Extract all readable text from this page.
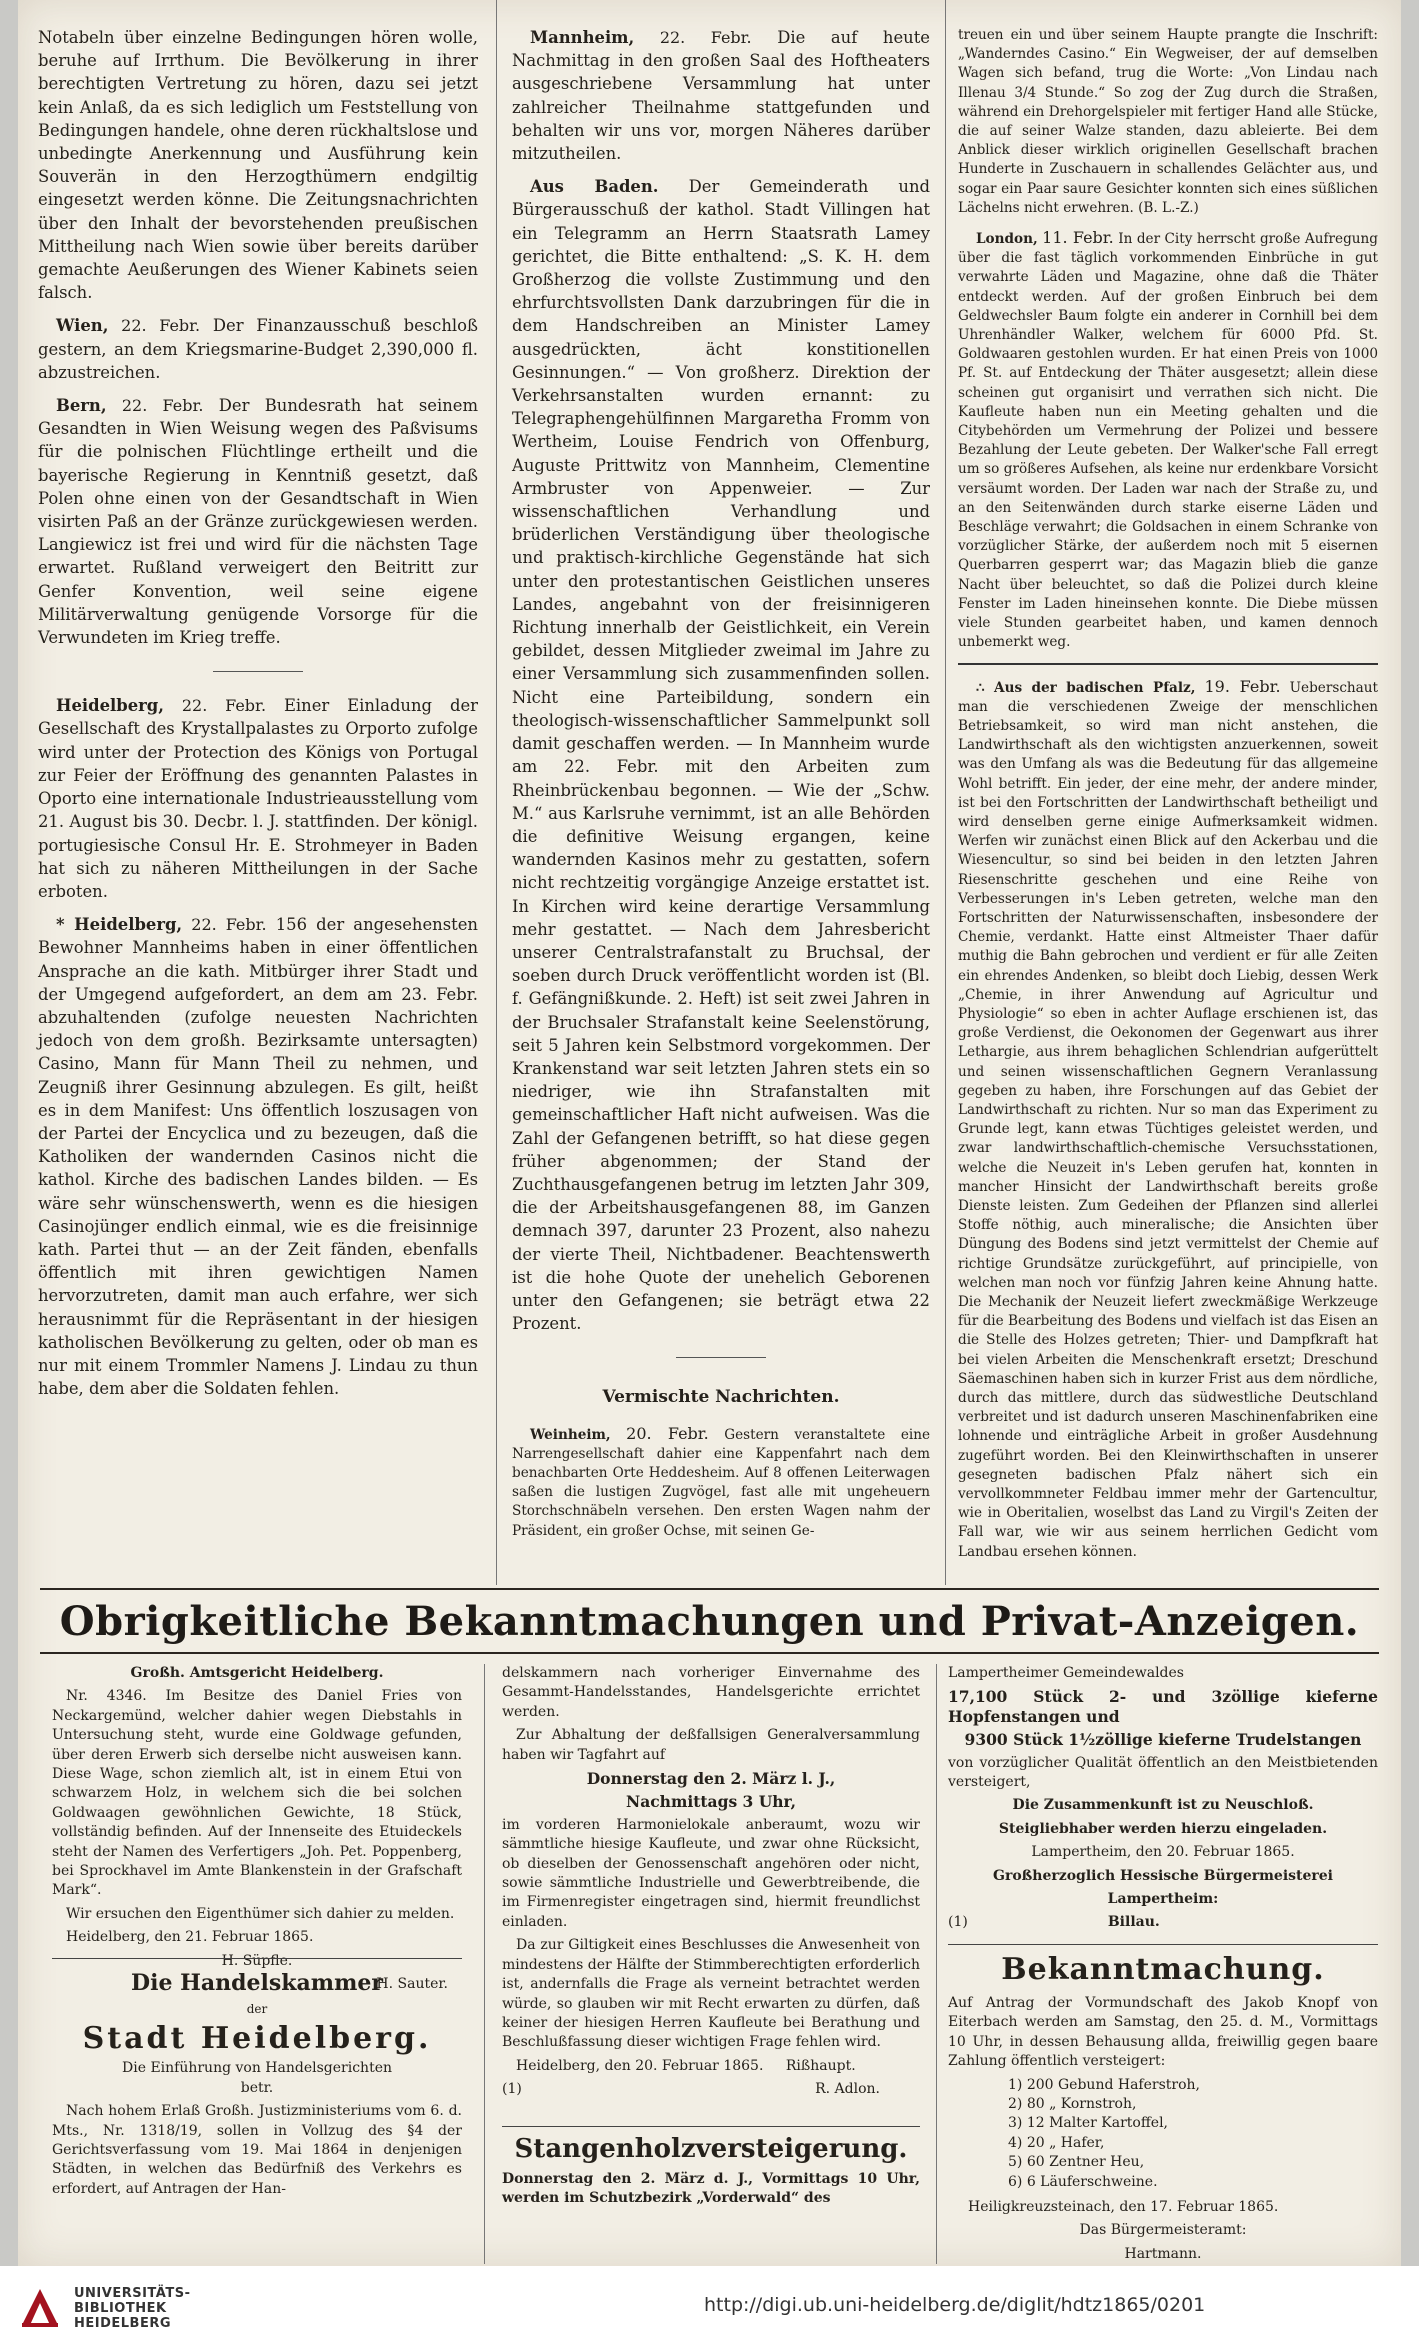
Notabeln über einzelne Bedingungen hören wolle, beruhe auf Irrthum. Die Bevölkerung in ihrer berechtigten Vertretung zu hören, dazu sei jetzt kein Anlaß, da es sich lediglich um Feststellung von Bedingungen handele, ohne deren rückhaltslose und unbedingte Anerkennung und Ausführung kein Souverän in den Herzogthümern endgiltig eingesetzt werden könne. Die Zeitungsnachrichten über den Inhalt der bevorstehenden preußischen Mittheilung nach Wien sowie über bereits darüber gemachte Aeußerungen des Wiener Kabinets seien falsch.

Wien, 22. Febr. Der Finanzausschuß beschloß gestern, an dem Kriegsmarine-Budget 2,390,000 fl. abzustreichen.

Bern, 22. Febr. Der Bundesrath hat seinem Gesandten in Wien Weisung wegen des Paßvisums für die polnischen Flüchtlinge ertheilt und die bayerische Regierung in Kenntniß gesetzt, daß Polen ohne einen von der Gesandtschaft in Wien visirten Paß an der Gränze zurückgewiesen werden. Langiewicz ist frei und wird für die nächsten Tage erwartet. Rußland verweigert den Beitritt zur Genfer Konvention, weil seine eigene Militärverwaltung genügende Vorsorge für die Verwundeten im Krieg treffe.

Heidelberg, 22. Febr. Einer Einladung der Gesellschaft des Krystallpalastes zu Orporto zufolge wird unter der Protection des Königs von Portugal zur Feier der Eröffnung des genannten Palastes in Oporto eine internationale Industrieausstellung vom 21. August bis 30. Decbr. l. J. stattfinden. Der königl. portugiesische Consul Hr. E. Strohmeyer in Baden hat sich zu näheren Mittheilungen in der Sache erboten.

* Heidelberg, 22. Febr. 156 der angesehensten Bewohner Mannheims haben in einer öffentlichen Ansprache an die kath. Mitbürger ihrer Stadt und der Umgegend aufgefordert, an dem am 23. Febr. abzuhaltenden (zufolge neuesten Nachrichten jedoch von dem großh. Bezirksamte untersagten) Casino, Mann für Mann Theil zu nehmen, und Zeugniß ihrer Gesinnung abzulegen. Es gilt, heißt es in dem Manifest: Uns öffentlich loszusagen von der Partei der Encyclica und zu bezeugen, daß die Katholiken der wandernden Casinos nicht die kathol. Kirche des badischen Landes bilden. — Es wäre sehr wünschenswerth, wenn es die hiesigen Casinojünger endlich einmal, wie es die freisinnige kath. Partei thut — an der Zeit fänden, ebenfalls öffentlich mit ihren gewichtigen Namen hervorzutreten, damit man auch erfahre, wer sich herausnimmt für die Repräsentant in der hiesigen katholischen Bevölkerung zu gelten, oder ob man es nur mit einem Trommler Namens J. Lindau zu thun habe, dem aber die Soldaten fehlen.

Mannheim, 22. Febr. Die auf heute Nachmittag in den großen Saal des Hoftheaters ausgeschriebene Versammlung hat unter zahlreicher Theilnahme stattgefunden und behalten wir uns vor, morgen Näheres darüber mitzutheilen.

Aus Baden. Der Gemeinderath und Bürgerausschuß der kathol. Stadt Villingen hat ein Telegramm an Herrn Staatsrath Lamey gerichtet, die Bitte enthaltend: „S. K. H. dem Großherzog die vollste Zustimmung und den ehrfurchtsvollsten Dank darzubringen für die in dem Handschreiben an Minister Lamey ausgedrückten, ächt konstitionellen Gesinnungen.“ — Von großherz. Direktion der Verkehrsanstalten wurden ernannt: zu Telegraphengehülfinnen Margaretha Fromm von Wertheim, Louise Fendrich von Offenburg, Auguste Prittwitz von Mannheim, Clementine Armbruster von Appenweier. — Zur wissenschaftlichen Verhandlung und brüderlichen Verständigung über theologische und praktisch-kirchliche Gegenstände hat sich unter den protestantischen Geistlichen unseres Landes, angebahnt von der freisinnigeren Richtung innerhalb der Geistlichkeit, ein Verein gebildet, dessen Mitglieder zweimal im Jahre zu einer Versammlung sich zusammenfinden sollen. Nicht eine Parteibildung, sondern ein theologisch-wissenschaftlicher Sammelpunkt soll damit geschaffen werden. — In Mannheim wurde am 22. Febr. mit den Arbeiten zum Rheinbrückenbau begonnen. — Wie der „Schw. M.“ aus Karlsruhe vernimmt, ist an alle Behörden die definitive Weisung ergangen, keine wandernden Kasinos mehr zu gestatten, sofern nicht rechtzeitig vorgängige Anzeige erstattet ist. In Kirchen wird keine derartige Versammlung mehr gestattet. — Nach dem Jahresbericht unserer Centralstrafanstalt zu Bruchsal, der soeben durch Druck veröffentlicht worden ist (Bl. f. Gefängnißkunde. 2. Heft) ist seit zwei Jahren in der Bruchsaler Strafanstalt keine Seelenstörung, seit 5 Jahren kein Selbstmord vorgekommen. Der Krankenstand war seit letzten Jahren stets ein so niedriger, wie ihn Strafanstalten mit gemeinschaftlicher Haft nicht aufweisen. Was die Zahl der Gefangenen betrifft, so hat diese gegen früher abgenommen; der Stand der Zuchthausgefangenen betrug im letzten Jahr 309, die der Arbeitshausgefangenen 88, im Ganzen demnach 397, darunter 23 Prozent, also nahezu der vierte Theil, Nichtbadener. Beachtenswerth ist die hohe Quote der unehelich Geborenen unter den Gefangenen; sie beträgt etwa 22 Prozent.

Vermischte Nachrichten.

Weinheim, 20. Febr. Gestern veranstaltete eine Narrengesellschaft dahier eine Kappenfahrt nach dem benachbarten Orte Heddesheim. Auf 8 offenen Leiterwagen saßen die lustigen Zugvögel, fast alle mit ungeheuern Storchschnäbeln versehen. Den ersten Wagen nahm der Präsident, ein großer Ochse, mit seinen Ge-

treuen ein und über seinem Haupte prangte die Inschrift: „Wanderndes Casino.“ Ein Wegweiser, der auf demselben Wagen sich befand, trug die Worte: „Von Lindau nach Illenau 3/4 Stunde.“ So zog der Zug durch die Straßen, während ein Drehorgelspieler mit fertiger Hand alle Stücke, die auf seiner Walze standen, dazu ableierte. Bei dem Anblick dieser wirklich originellen Gesellschaft brachen Hunderte in Zuschauern in schallendes Gelächter aus, und sogar ein Paar saure Gesichter konnten sich eines süßlichen Lächelns nicht erwehren. (B. L.-Z.)

London, 11. Febr. In der City herrscht große Aufregung über die fast täglich vorkommenden Einbrüche in gut verwahrte Läden und Magazine, ohne daß die Thäter entdeckt werden. Auf der großen Einbruch bei dem Geldwechsler Baum folgte ein anderer in Cornhill bei dem Uhrenhändler Walker, welchem für 6000 Pfd. St. Goldwaaren gestohlen wurden. Er hat einen Preis von 1000 Pf. St. auf Entdeckung der Thäter ausgesetzt; allein diese scheinen gut organisirt und verrathen sich nicht. Die Kaufleute haben nun ein Meeting gehalten und die Citybehörden um Vermehrung der Polizei und bessere Bezahlung der Leute gebeten. Der Walker'sche Fall erregt um so größeres Aufsehen, als keine nur erdenkbare Vorsicht versäumt worden. Der Laden war nach der Straße zu, und an den Seitenwänden durch starke eiserne Läden und Beschläge verwahrt; die Goldsachen in einem Schranke von vorzüglicher Stärke, der außerdem noch mit 5 eisernen Querbarren gesperrt war; das Magazin blieb die ganze Nacht über beleuchtet, so daß die Polizei durch kleine Fenster im Laden hineinsehen konnte. Die Diebe müssen viele Stunden gearbeitet haben, und kamen dennoch unbemerkt weg.

∴ Aus der badischen Pfalz, 19. Febr. Ueberschaut man die verschiedenen Zweige der menschlichen Betriebsamkeit, so wird man nicht anstehen, die Landwirthschaft als den wichtigsten anzuerkennen, soweit was den Umfang als was die Bedeutung für das allgemeine Wohl betrifft. Ein jeder, der eine mehr, der andere minder, ist bei den Fortschritten der Landwirthschaft betheiligt und wird denselben gerne einige Aufmerksamkeit widmen. Werfen wir zunächst einen Blick auf den Ackerbau und die Wiesencultur, so sind bei beiden in den letzten Jahren Riesenschritte geschehen und eine Reihe von Verbesserungen in's Leben getreten, welche man den Fortschritten der Naturwissenschaften, insbesondere der Chemie, verdankt. Hatte einst Altmeister Thaer dafür muthig die Bahn gebrochen und verdient er für alle Zeiten ein ehrendes Andenken, so bleibt doch Liebig, dessen Werk „Chemie, in ihrer Anwendung auf Agricultur und Physiologie“ so eben in achter Auflage erschienen ist, das große Verdienst, die Oekonomen der Gegenwart aus ihrer Lethargie, aus ihrem behaglichen Schlendrian aufgerüttelt und seinen wissenschaftlichen Gegnern Veranlassung gegeben zu haben, ihre Forschungen auf das Gebiet der Landwirthschaft zu richten. Nur so man das Experiment zu Grunde legt, kann etwas Tüchtiges geleistet werden, und zwar landwirthschaftlich-chemische Versuchsstationen, welche die Neuzeit in's Leben gerufen hat, konnten in mancher Hinsicht der Landwirthschaft bereits große Dienste leisten. Zum Gedeihen der Pflanzen sind allerlei Stoffe nöthig, auch mineralische; die Ansichten über Düngung des Bodens sind jetzt vermittelst der Chemie auf richtige Grundsätze zurückgeführt, auf principielle, von welchen man noch vor fünfzig Jahren keine Ahnung hatte. Die Mechanik der Neuzeit liefert zweckmäßige Werkzeuge für die Bearbeitung des Bodens und vielfach ist das Eisen an die Stelle des Holzes getreten; Thier- und Dampfkraft hat bei vielen Arbeiten die Menschenkraft ersetzt; Dreschund Säemaschinen haben sich in kurzer Frist aus dem nördliche, durch das mittlere, durch das südwestliche Deutschland verbreitet und ist dadurch unseren Maschinenfabriken eine lohnende und einträgliche Arbeit in großer Ausdehnung zugeführt worden. Bei den Kleinwirthschaften in unserer gesegneten badischen Pfalz nähert sich ein vervollkommneter Feldbau immer mehr der Gartencultur, wie in Oberitalien, woselbst das Land zu Virgil's Zeiten der Fall war, wie wir aus seinem herrlichen Gedicht vom Landbau ersehen können.

Obrigkeitliche Bekanntmachungen und Privat-Anzeigen.

Großh. Amtsgericht Heidelberg.

Nr. 4346. Im Besitze des Daniel Fries von Neckargemünd, welcher dahier wegen Diebstahls in Untersuchung steht, wurde eine Goldwage gefunden, über deren Erwerb sich derselbe nicht ausweisen kann. Diese Wage, schon ziemlich alt, ist in einem Etui von schwarzem Holz, in welchem sich die bei solchen Goldwaagen gewöhnlichen Gewichte, 18 Stück, vollständig befinden. Auf der Innenseite des Etuideckels steht der Namen des Verfertigers „Joh. Pet. Poppenberg, bei Sprockhavel im Amte Blankenstein in der Grafschaft Mark“.

Wir ersuchen den Eigenthümer sich dahier zu melden.

Heidelberg, den 21. Februar 1865.

H. Süpfle.

H. Sauter.

Die Handelskammer

der

Stadt Heidelberg.

Die Einführung von Handelsgerichten betr.

Nach hohem Erlaß Großh. Justizministeriums vom 6. d. Mts., Nr. 1318/19, sollen in Vollzug des §4 der Gerichtsverfassung vom 19. Mai 1864 in denjenigen Städten, in welchen das Bedürfniß des Verkehrs es erfordert, auf Antragen der Han-

delskammern nach vorheriger Einvernahme des Gesammt-Handelsstandes, Handelsgerichte errichtet werden.

Zur Abhaltung der deßfallsigen Generalversammlung haben wir Tagfahrt auf

Donnerstag den 2. März l. J.,

Nachmittags 3 Uhr,

im vorderen Harmonielokale anberaumt, wozu wir sämmtliche hiesige Kaufleute, und zwar ohne Rücksicht, ob dieselben der Genossenschaft angehören oder nicht, sowie sämmtliche Industrielle und Gewerbtreibende, die im Firmenregister eingetragen sind, hiermit freundlichst einladen.

Da zur Giltigkeit eines Beschlusses die Anwesenheit von mindestens der Hälfte der Stimmberechtigten erforderlich ist, andernfalls die Frage als verneint betrachtet werden würde, so glauben wir mit Recht erwarten zu dürfen, daß keiner der hiesigen Herren Kaufleute bei Berathung und Beschlußfassung dieser wichtigen Frage fehlen wird.

Heidelberg, den 20. Februar 1865. Rißhaupt.

(1)	R. Adlon.

Stangenholzversteigerung.

Donnerstag den 2. März d. J., Vormittags 10 Uhr, werden im Schutzbezirk „Vorderwald“ des

Lampertheimer Gemeindewaldes

17,100 Stück 2- und 3zöllige kieferne Hopfenstangen und

9300 Stück 1½zöllige kieferne Trudelstangen

von vorzüglicher Qualität öffentlich an den Meistbietenden versteigert,

Die Zusammenkunft ist zu Neuschloß.

Steigliebhaber werden hierzu eingeladen.

Lampertheim, den 20. Februar 1865.

Großherzoglich Hessische Bürgermeisterei

Lampertheim:

(1)	Billau.

Bekanntmachung.

Auf Antrag der Vormundschaft des Jakob Knopf von Eiterbach werden am Samstag, den 25. d. M., Vormittags 10 Uhr, in dessen Behausung allda, freiwillig gegen baare Zahlung öffentlich versteigert:

1) 200 Gebund Haferstroh,
2) 80 „ Kornstroh,
3) 12 Malter Kartoffel,
4) 20 „ Hafer,
5) 60 Zentner Heu,
6) 6 Läuferschweine.

Heiligkreuzsteinach, den 17. Februar 1865.

Das Bürgermeisteramt:

Hartmann.

UNIVERSITÄTS-
BIBLIOTHEK
HEIDELBERG
http://digi.ub.uni-heidelberg.de/diglit/hdtz1865/0201
